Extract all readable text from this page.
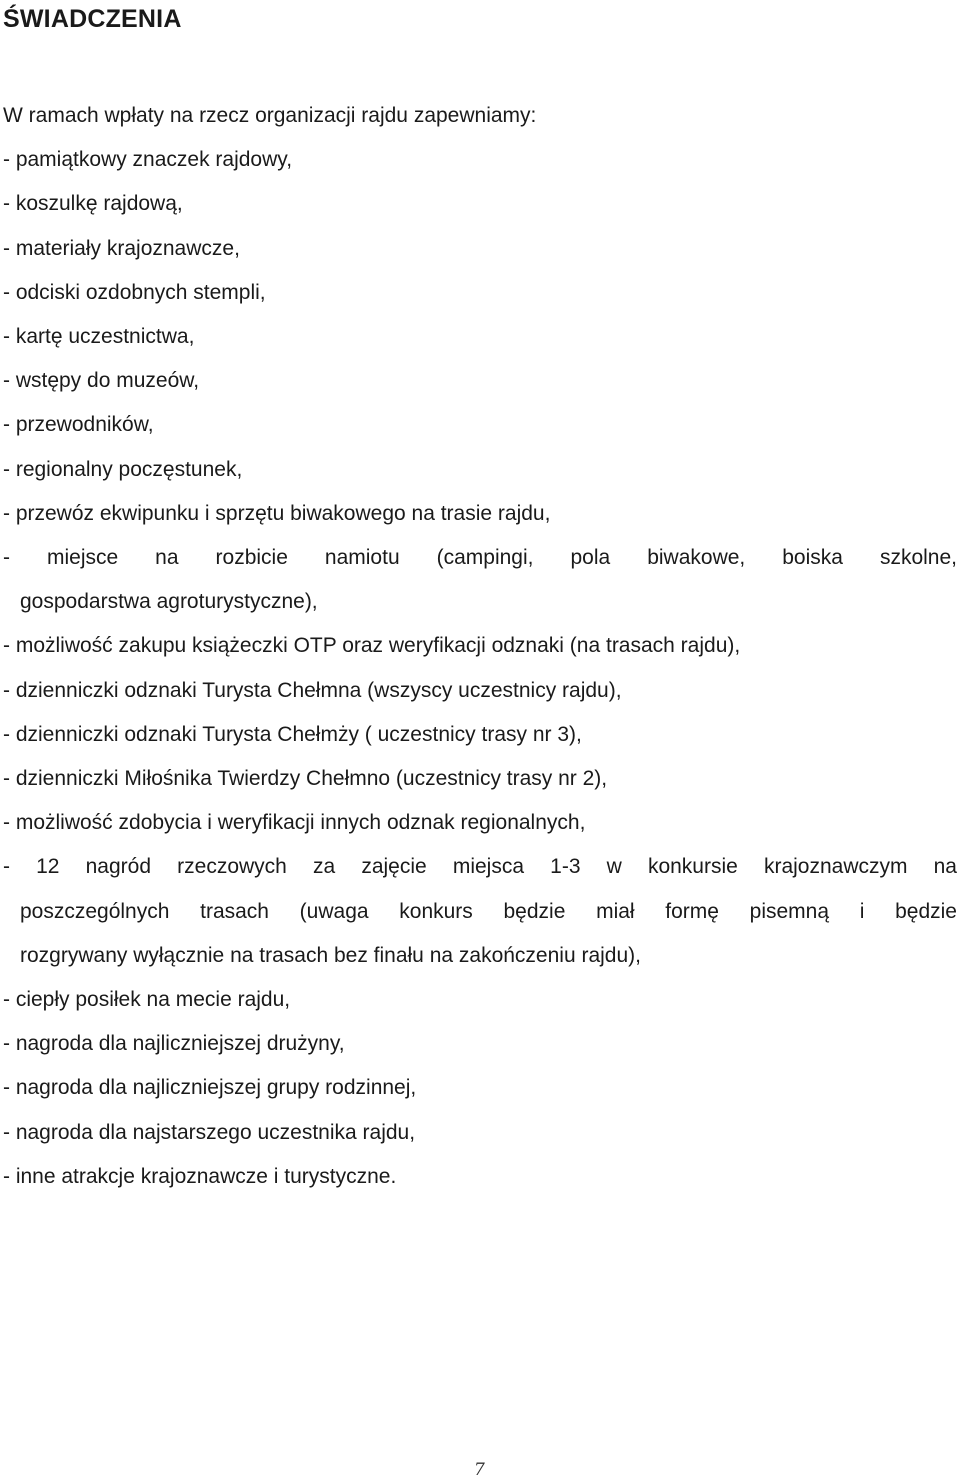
ŚWIADCZENIA

W ramach wpłaty na rzecz organizacji rajdu zapewniamy:

- pamiątkowy znaczek rajdowy,
- koszulkę rajdową,
- materiały krajoznawcze,
- odciski ozdobnych stempli,
- kartę uczestnictwa,
- wstępy do muzeów,
- przewodników,
- regionalny poczęstunek,
- przewóz ekwipunku i sprzętu biwakowego na trasie rajdu,
- miejsce na rozbicie namiotu (campingi, pola biwakowe, boiska szkolne,
gospodarstwa agroturystyczne),
- możliwość zakupu książeczki OTP oraz weryfikacji odznaki (na trasach rajdu),
- dzienniczki odznaki Turysta Chełmna (wszyscy uczestnicy rajdu),
- dzienniczki odznaki Turysta Chełmży ( uczestnicy trasy nr 3),
- dzienniczki Miłośnika Twierdzy Chełmno (uczestnicy trasy nr 2),
- możliwość zdobycia i weryfikacji innych odznak regionalnych,
- 12 nagród rzeczowych za zajęcie miejsca 1-3 w konkursie krajoznawczym na
poszczególnych trasach (uwaga konkurs będzie miał formę pisemną i będzie
rozgrywany wyłącznie na trasach bez finału na zakończeniu rajdu),
- ciepły posiłek na mecie rajdu,
- nagroda dla najliczniejszej drużyny,
- nagroda dla najliczniejszej grupy rodzinnej,
- nagroda dla najstarszego uczestnika rajdu,
- inne atrakcje krajoznawcze i turystyczne.
7
